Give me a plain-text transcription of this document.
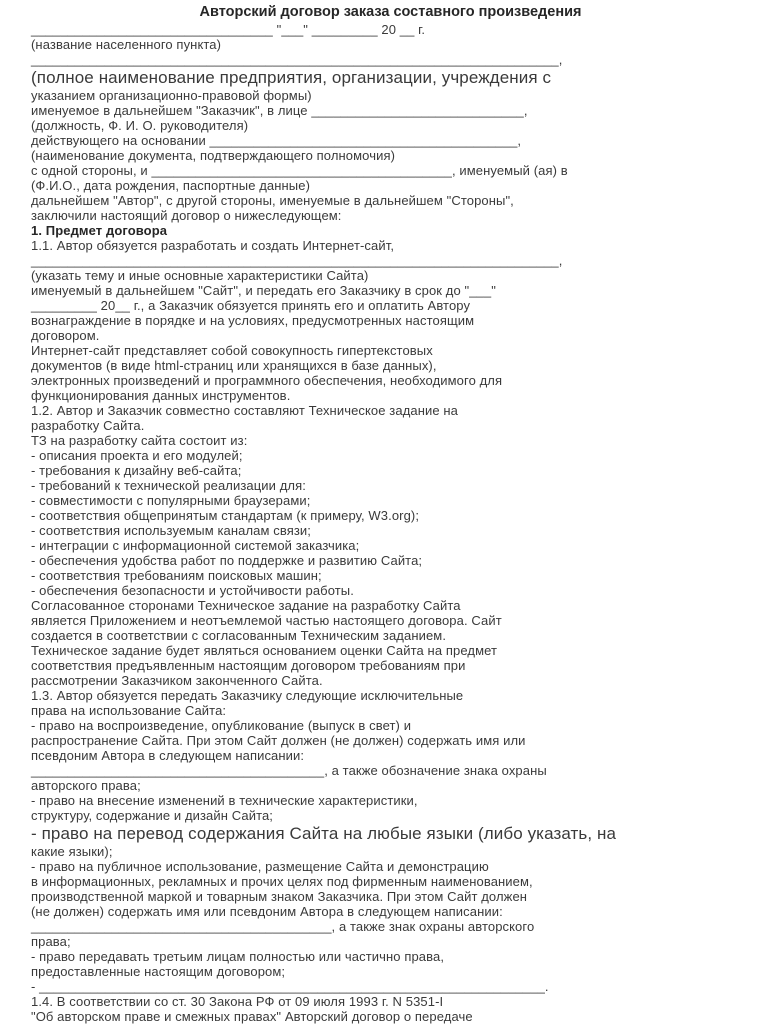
Авторский договор заказа составного произведения
_________________________________ "___" _________ 20 __ г.
(название населенного пункта)
________________________________________________________________________,
(полное наименование предприятия, организации, учреждения с
указанием организационно-правовой формы)
именуемое в дальнейшем "Заказчик", в лице _____________________________,
(должность, Ф. И. О. руководителя)
действующего на основании __________________________________________,
(наименование документа, подтверждающего полномочия)
с одной стороны, и _________________________________________, именуемый (ая) в
(Ф.И.О., дата рождения, паспортные данные)
дальнейшем "Автор", с другой стороны, именуемые в дальнейшем "Стороны",
заключили настоящий договор о нижеследующем:
1. Предмет договора
1.1. Автор обязуется разработать и создать Интернет-сайт,
________________________________________________________________________,
(указать тему и иные основные характеристики Сайта)
именуемый в дальнейшем "Сайт", и передать его Заказчику в срок до "___"
_________ 20__ г., а Заказчик обязуется принять его и оплатить Автору
вознаграждение в порядке и на условиях, предусмотренных настоящим
договором.
Интернет-сайт представляет собой совокупность гипертекстовых
документов (в виде html-страниц или хранящихся в базе данных),
электронных произведений и программного обеспечения, необходимого для
функционирования данных инструментов.
1.2. Автор и Заказчик совместно составляют Техническое задание на
разработку Сайта.
ТЗ на разработку сайта состоит из:
- описания проекта и его модулей;
- требования к дизайну веб-сайта;
- требований к технической реализации для:
- совместимости с популярными браузерами;
- соответствия общепринятым стандартам (к примеру, W3.org);
- соответствия используемым каналам связи;
- интеграции с информационной системой заказчика;
- обеспечения удобства работ по поддержке и развитию Сайта;
- соответствия требованиям поисковых машин;
- обеспечения безопасности и устойчивости работы.
Согласованное сторонами Техническое задание на разработку Сайта
является Приложением и неотъемлемой частью настоящего договора. Сайт
создается в соответствии с согласованным Техническим заданием.
Техническое задание будет являться основанием оценки Сайта на предмет
соответствия предъявленным настоящим договором требованиям при
рассмотрении Заказчиком законченного Сайта.
1.3. Автор обязуется передать Заказчику следующие исключительные
права на использование Сайта:
- право на воспроизведение, опубликование (выпуск в свет) и
распространение Сайта. При этом Сайт должен (не должен) содержать имя или
псевдоним Автора в следующем написании:
________________________________________, а также обозначение знака охраны
авторского права;
- право на внесение изменений в технические характеристики,
структуру, содержание и дизайн Сайта;
- право на перевод содержания Сайта на любые языки (либо указать, на
какие языки);
- право на публичное использование, размещение Сайта и демонстрацию
в информационных, рекламных и прочих целях под фирменным наименованием,
производственной маркой и товарным знаком Заказчика. При этом Сайт должен
(не должен) содержать имя или псевдоним Автора в следующем написании:
_________________________________________, а также знак охраны авторского
права;
- право передавать третьим лицам полностью или частично права,
предоставленные настоящим договором;
- _____________________________________________________________________.
1.4. В соответствии со ст. 30 Закона РФ от 09 июля 1993 г. N 5351-I
"Об авторском праве и смежных правах" Авторский договор о передаче
